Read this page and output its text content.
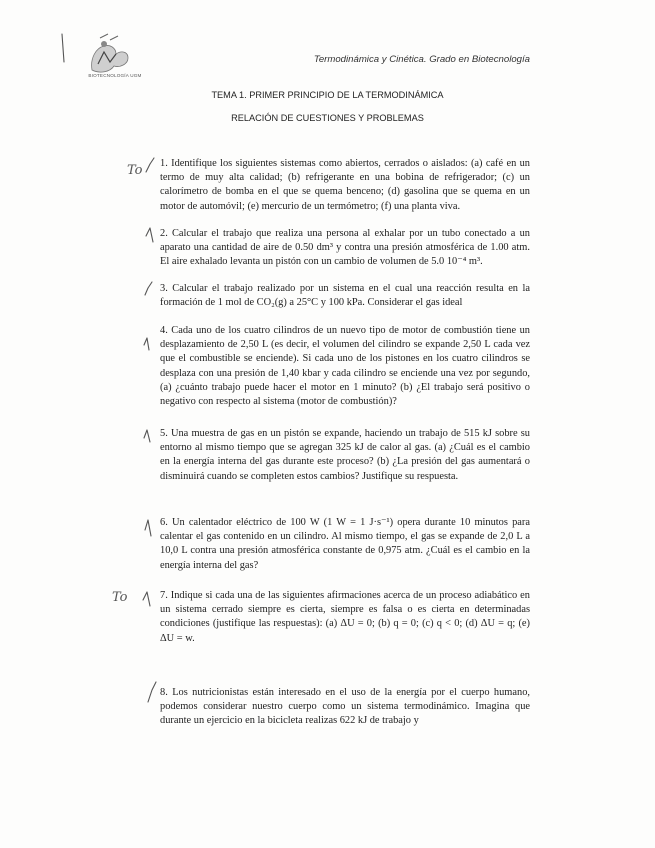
BIOTECNOLOGÍA UGM
To
To
Termodinámica y Cinética. Grado en Biotecnología
TEMA 1. PRIMER PRINCIPIO DE LA TERMODINÁMICA
RELACIÓN DE CUESTIONES Y PROBLEMAS

1. Identifique los siguientes sistemas como abiertos, cerrados o aislados: (a) café en un termo de muy alta calidad; (b) refrigerante en una bobina de refrigerador; (c) un calorímetro de bomba en el que se quema benceno; (d) gasolina que se quema en un motor de automóvil; (e) mercurio de un termómetro; (f) una planta viva.

2. Calcular el trabajo que realiza una persona al exhalar por un tubo conectado a un aparato una cantidad de aire de 0.50 dm³ y contra una presión atmosférica de 1.00 atm. El aire exhalado levanta un pistón con un cambio de volumen de 5.0 10⁻⁴ m³.

3. Calcular el trabajo realizado por un sistema en el cual una reacción resulta en la formación de 1 mol de CO₂(g) a 25°C y 100 kPa. Considerar el gas ideal

4. Cada uno de los cuatro cilindros de un nuevo tipo de motor de combustión tiene un desplazamiento de 2,50 L (es decir, el volumen del cilindro se expande 2,50 L cada vez que el combustible se enciende). Si cada uno de los pistones en los cuatro cilindros se desplaza con una presión de 1,40 kbar y cada cilindro se enciende una vez por segundo, (a) ¿cuánto trabajo puede hacer el motor en 1 minuto? (b) ¿El trabajo será positivo o negativo con respecto al sistema (motor de combustión)?

5. Una muestra de gas en un pistón se expande, haciendo un trabajo de 515 kJ sobre su entorno al mismo tiempo que se agregan 325 kJ de calor al gas. (a) ¿Cuál es el cambio en la energía interna del gas durante este proceso? (b) ¿La presión del gas aumentará o disminuirá cuando se completen estos cambios? Justifique su respuesta.

6. Un calentador eléctrico de 100 W (1 W = 1 J·s⁻¹) opera durante 10 minutos para calentar el gas contenido en un cilindro. Al mismo tiempo, el gas se expande de 2,0 L a 10,0 L contra una presión atmosférica constante de 0,975 atm. ¿Cuál es el cambio en la energía interna del gas?

7. Indique si cada una de las siguientes afirmaciones acerca de un proceso adiabático en un sistema cerrado siempre es cierta, siempre es falsa o es cierta en determinadas condiciones (justifique las respuestas): (a) ΔU = 0; (b) q = 0; (c) q < 0; (d) ΔU = q; (e) ΔU = w.

8. Los nutricionistas están interesado en el uso de la energía por el cuerpo humano, podemos considerar nuestro cuerpo como un sistema termodinámico. Imagina que durante un ejercicio en la bicicleta realizas 622 kJ de trabajo y
